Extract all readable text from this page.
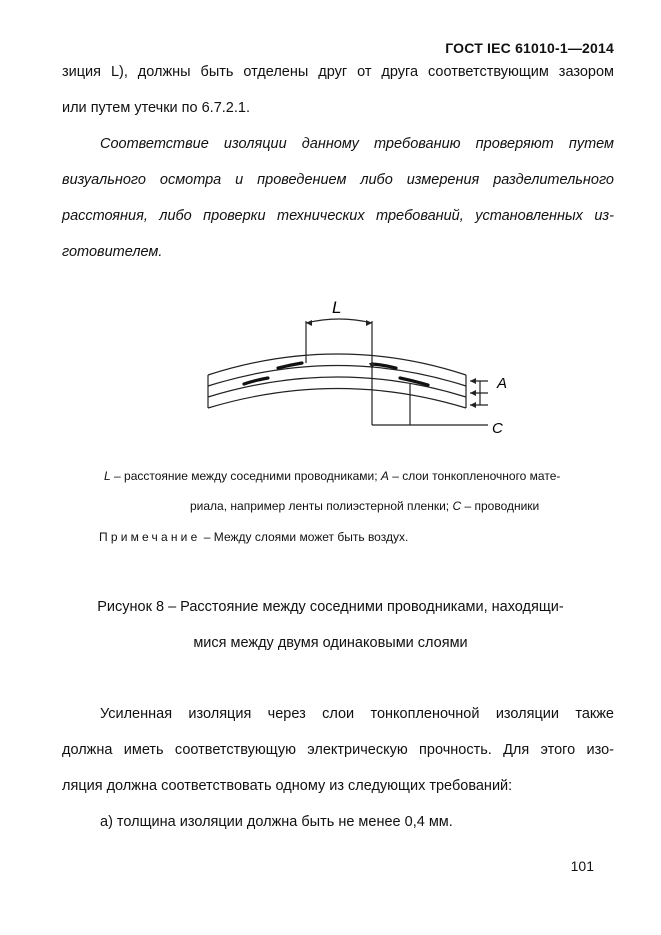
ГОСТ IEC 61010-1—2014
зиция L), должны быть отделены друг от друга соответствующим зазором
или путем утечки по 6.7.2.1.
Соответствие изоляции данному требованию проверяют путем
визуального осмотра и проведением либо измерения разделительного
расстояния, либо проверки технических требований, установленных из-
готовителем.
L
A
C
L – расстояние между соседними проводниками; A – слои тонкопленочного мате-
риала, например ленты полиэстерной пленки; C – проводники
Примечание – Между слоями может быть воздух.
Рисунок 8 – Расстояние между соседними проводниками, находящи-
мися между двумя одинаковыми слоями
Усиленная изоляция через слои тонкопленочной изоляции также
должна иметь соответствующую электрическую прочность. Для этого изо-
ляция должна соответствовать одному из следующих требований:
а) толщина изоляции должна быть не менее 0,4 мм.
101
